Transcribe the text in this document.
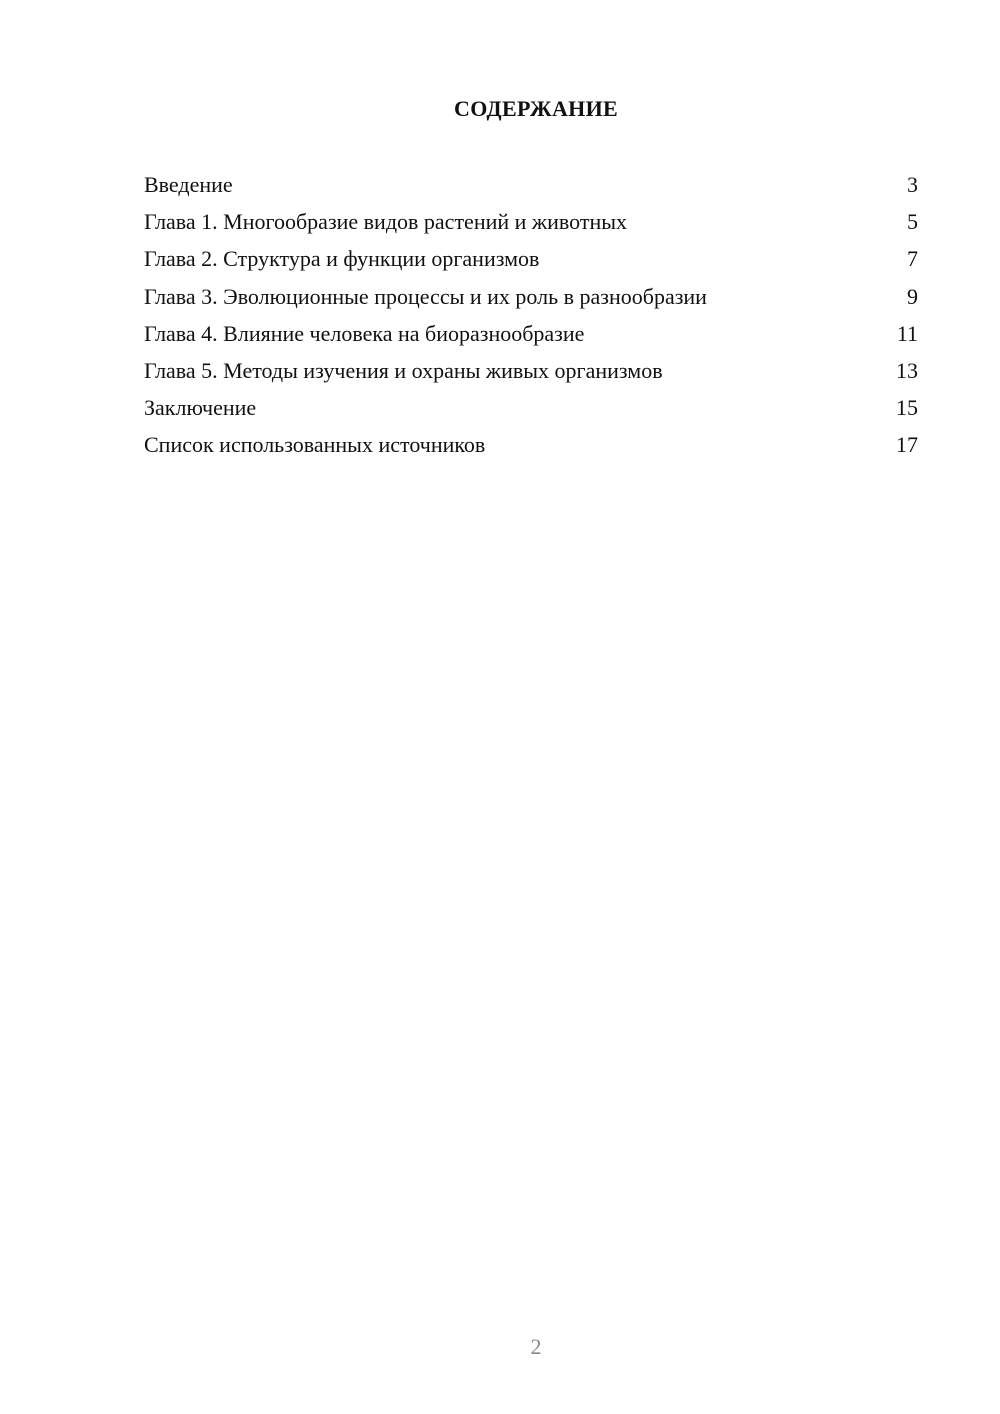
СОДЕРЖАНИЕ
Введение	3
Глава 1. Многообразие видов растений и животных	5
Глава 2. Структура и функции организмов	7
Глава 3. Эволюционные процессы и их роль в разнообразии	9
Глава 4. Влияние человека на биоразнообразие	11
Глава 5. Методы изучения и охраны живых организмов	13
Заключение	15
Список использованных источников	17
2
